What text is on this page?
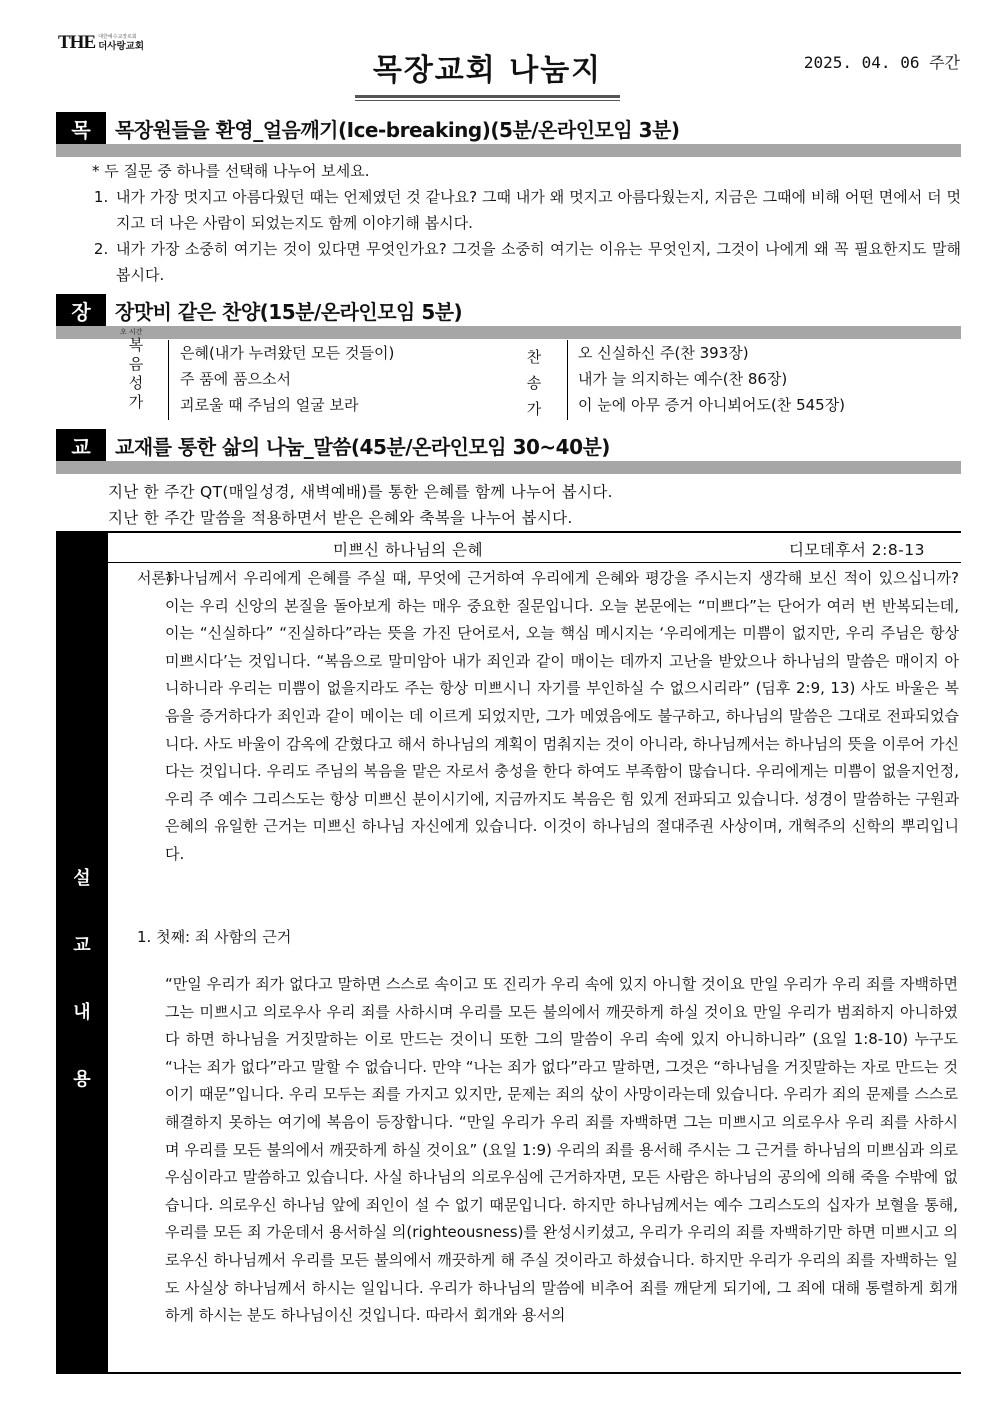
THE 대한예수교장로회
더사랑교회
2025. 04. 06 주간
목장교회 나눔지
목	목장원들을 환영_얼음깨기(Ice-breaking)(5분/온라인모임 3분)
* 두 질문 중 하나를 선택해 나누어 보세요.
1. 내가 가장 멋지고 아름다웠던 때는 언제였던 것 같나요? 그때 내가 왜 멋지고 아름다웠는지, 지금은 그때에 비해 어떤 면에서 더 멋지고 더 나은 사람이 되었는지도 함께 이야기해 봅시다.
2. 내가 가장 소중히 여기는 것이 있다면 무엇인가요? 그것을 소중히 여기는 이유는 무엇인지, 그것이 나에게 왜 꼭 필요한지도 말해봅시다.
장	장맛비 같은 찬양(15분/온라인모임 5분)
오 시간
복
음
성
가
은혜(내가 누려왔던 모든 것들이)
주 품에 품으소서
괴로울 때 주님의 얼굴 보라
찬
송
가
오 신실하신 주(찬 393장)
내가 늘 의지하는 예수(찬 86장)
이 눈에 아무 증거 아니뵈어도(찬 545장)
교	교재를 통한 삶의 나눔_말씀(45분/온라인모임 30~40분)
지난 한 주간 QT(매일성경, 새벽예배)를 통한 은혜를 함께 나누어 봅시다.
지난 한 주간 말씀을 적용하면서 받은 은혜와 축복을 나누어 봅시다.
설
교
내
용
미쁘신 하나님의 은혜	디모데후서 2:8-13
서론)
하나님께서 우리에게 은혜를 주실 때, 무엇에 근거하여 우리에게 은혜와 평강을 주시는지 생각해 보신 적이 있으십니까? 이는 우리 신앙의 본질을 돌아보게 하는 매우 중요한 질문입니다. 오늘 본문에는 “미쁘다”는 단어가 여러 번 반복되는데, 이는 “신실하다” “진실하다”라는 뜻을 가진 단어로서, 오늘 핵심 메시지는 ‘우리에게는 미쁨이 없지만, 우리 주님은 항상 미쁘시다’는 것입니다. “복음으로 말미암아 내가 죄인과 같이 매이는 데까지 고난을 받았으나 하나님의 말씀은 매이지 아니하니라 우리는 미쁨이 없을지라도 주는 항상 미쁘시니 자기를 부인하실 수 없으시리라” (딤후 2:9, 13) 사도 바울은 복음을 증거하다가 죄인과 같이 메이는 데 이르게 되었지만, 그가 메였음에도 불구하고, 하나님의 말씀은 그대로 전파되었습니다. 사도 바울이 감옥에 갇혔다고 해서 하나님의 계획이 멈춰지는 것이 아니라, 하나님께서는 하나님의 뜻을 이루어 가신다는 것입니다. 우리도 주님의 복음을 맡은 자로서 충성을 한다 하여도 부족함이 많습니다. 우리에게는 미쁨이 없을지언정, 우리 주 예수 그리스도는 항상 미쁘신 분이시기에, 지금까지도 복음은 힘 있게 전파되고 있습니다. 성경이 말씀하는 구원과 은혜의 유일한 근거는 미쁘신 하나님 자신에게 있습니다. 이것이 하나님의 절대주권 사상이며, 개혁주의 신학의 뿌리입니다.
1. 첫째: 죄 사함의 근거
“만일 우리가 죄가 없다고 말하면 스스로 속이고 또 진리가 우리 속에 있지 아니할 것이요 만일 우리가 우리 죄를 자백하면 그는 미쁘시고 의로우사 우리 죄를 사하시며 우리를 모든 불의에서 깨끗하게 하실 것이요 만일 우리가 범죄하지 아니하였다 하면 하나님을 거짓말하는 이로 만드는 것이니 또한 그의 말씀이 우리 속에 있지 아니하니라” (요일 1:8-10) 누구도 “나는 죄가 없다”라고 말할 수 없습니다. 만약 “나는 죄가 없다”라고 말하면, 그것은 “하나님을 거짓말하는 자로 만드는 것이기 때문”입니다. 우리 모두는 죄를 가지고 있지만, 문제는 죄의 삯이 사망이라는데 있습니다. 우리가 죄의 문제를 스스로 해결하지 못하는 여기에 복음이 등장합니다. “만일 우리가 우리 죄를 자백하면 그는 미쁘시고 의로우사 우리 죄를 사하시며 우리를 모든 불의에서 깨끗하게 하실 것이요” (요일 1:9) 우리의 죄를 용서해 주시는 그 근거를 하나님의 미쁘심과 의로우심이라고 말씀하고 있습니다. 사실 하나님의 의로우심에 근거하자면, 모든 사람은 하나님의 공의에 의해 죽을 수밖에 없습니다. 의로우신 하나님 앞에 죄인이 설 수 없기 때문입니다. 하지만 하나님께서는 예수 그리스도의 십자가 보혈을 통해, 우리를 모든 죄 가운데서 용서하실 의(righteousness)를 완성시키셨고, 우리가 우리의 죄를 자백하기만 하면 미쁘시고 의로우신 하나님께서 우리를 모든 불의에서 깨끗하게 해 주실 것이라고 하셨습니다. 하지만 우리가 우리의 죄를 자백하는 일도 사실상 하나님께서 하시는 일입니다. 우리가 하나님의 말씀에 비추어 죄를 깨닫게 되기에, 그 죄에 대해 통렬하게 회개하게 하시는 분도 하나님이신 것입니다. 따라서 회개와 용서의
